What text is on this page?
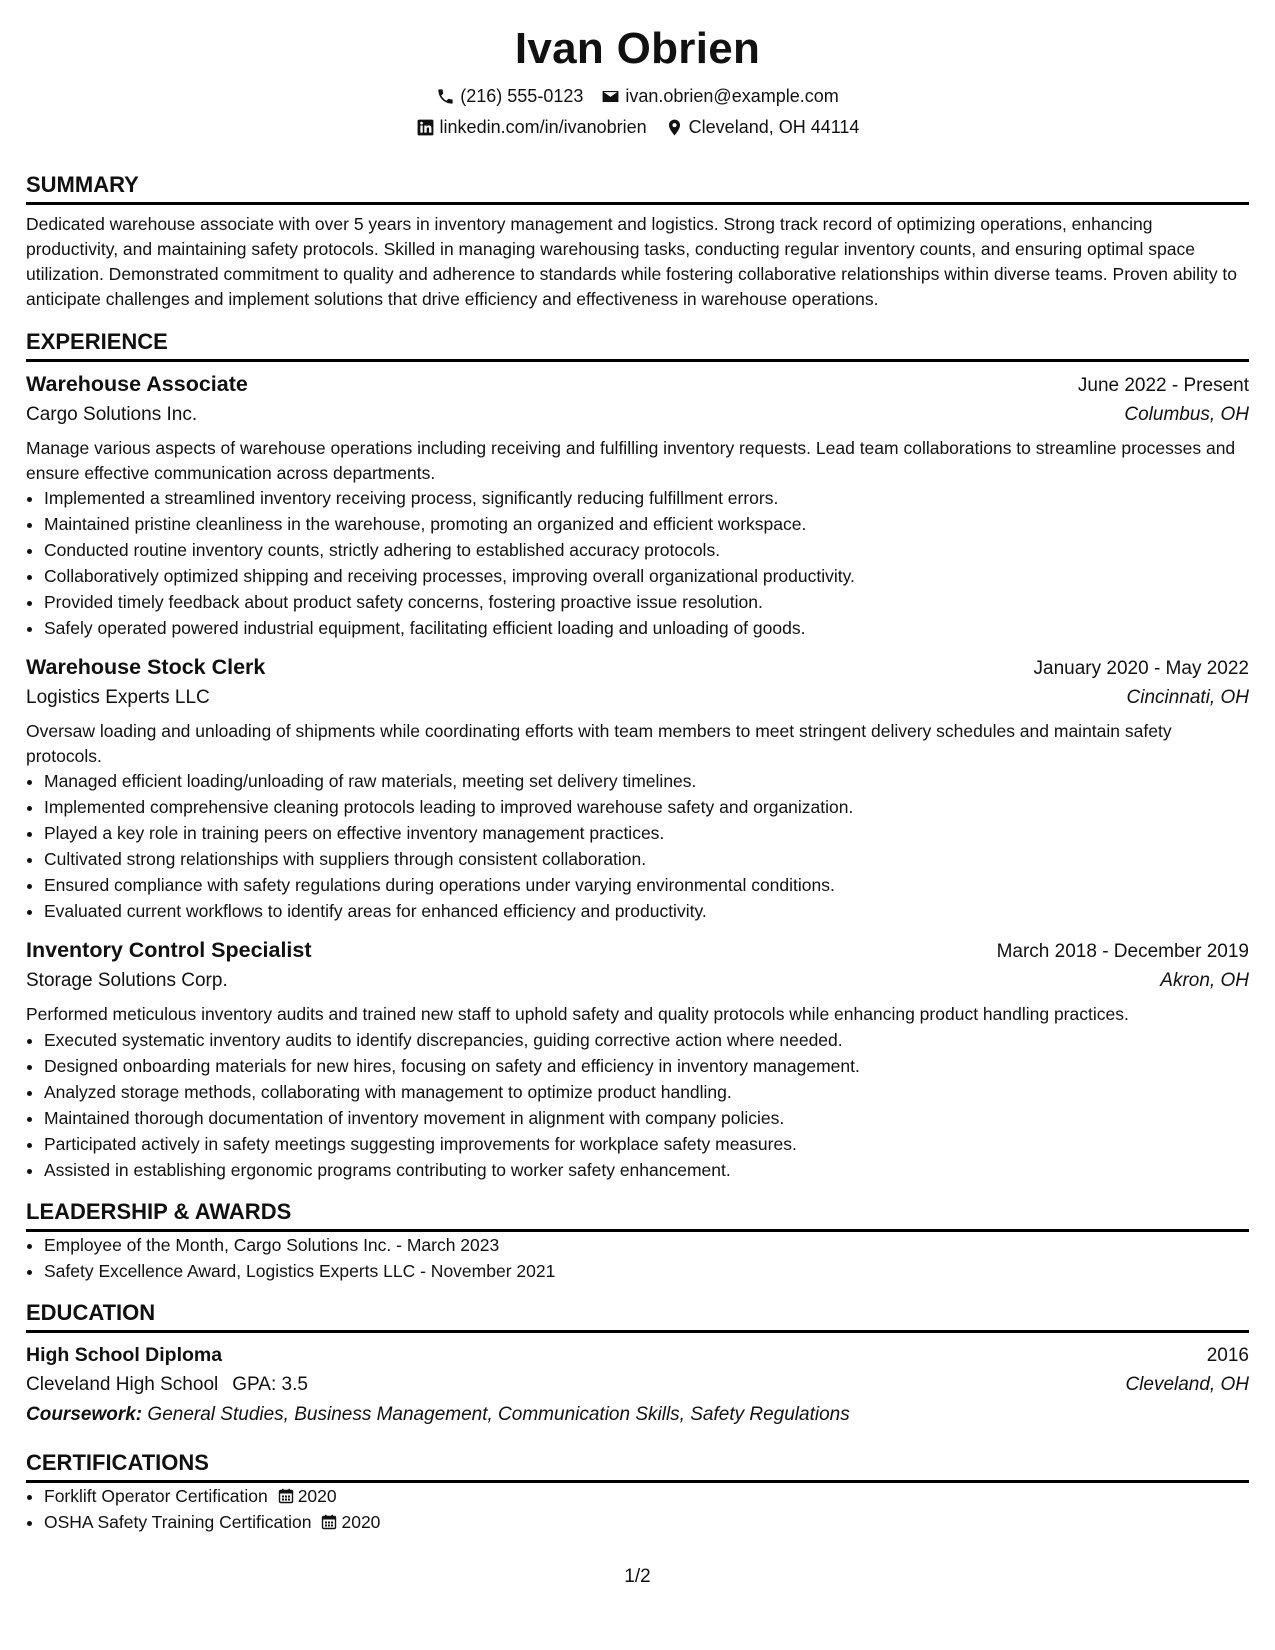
Ivan Obrien
(216) 555-0123 ivan.obrien@example.com
linkedin.com/in/ivanobrien Cleveland, OH 44114
SUMMARY
Dedicated warehouse associate with over 5 years in inventory management and logistics. Strong track record of optimizing operations, enhancing productivity, and maintaining safety protocols. Skilled in managing warehousing tasks, conducting regular inventory counts, and ensuring optimal space utilization. Demonstrated commitment to quality and adherence to standards while fostering collaborative relationships within diverse teams. Proven ability to anticipate challenges and implement solutions that drive efficiency and effectiveness in warehouse operations.
EXPERIENCE
Warehouse Associate	June 2022 - Present
Cargo Solutions Inc.	Columbus, OH
Manage various aspects of warehouse operations including receiving and fulfilling inventory requests. Lead team collaborations to streamline processes and ensure effective communication across departments.
• Implemented a streamlined inventory receiving process, significantly reducing fulfillment errors.
• Maintained pristine cleanliness in the warehouse, promoting an organized and efficient workspace.
• Conducted routine inventory counts, strictly adhering to established accuracy protocols.
• Collaboratively optimized shipping and receiving processes, improving overall organizational productivity.
• Provided timely feedback about product safety concerns, fostering proactive issue resolution.
• Safely operated powered industrial equipment, facilitating efficient loading and unloading of goods.
Warehouse Stock Clerk	January 2020 - May 2022
Logistics Experts LLC	Cincinnati, OH
Oversaw loading and unloading of shipments while coordinating efforts with team members to meet stringent delivery schedules and maintain safety protocols.
• Managed efficient loading/unloading of raw materials, meeting set delivery timelines.
• Implemented comprehensive cleaning protocols leading to improved warehouse safety and organization.
• Played a key role in training peers on effective inventory management practices.
• Cultivated strong relationships with suppliers through consistent collaboration.
• Ensured compliance with safety regulations during operations under varying environmental conditions.
• Evaluated current workflows to identify areas for enhanced efficiency and productivity.
Inventory Control Specialist	March 2018 - December 2019
Storage Solutions Corp.	Akron, OH
Performed meticulous inventory audits and trained new staff to uphold safety and quality protocols while enhancing product handling practices.
• Executed systematic inventory audits to identify discrepancies, guiding corrective action where needed.
• Designed onboarding materials for new hires, focusing on safety and efficiency in inventory management.
• Analyzed storage methods, collaborating with management to optimize product handling.
• Maintained thorough documentation of inventory movement in alignment with company policies.
• Participated actively in safety meetings suggesting improvements for workplace safety measures.
• Assisted in establishing ergonomic programs contributing to worker safety enhancement.
LEADERSHIP & AWARDS
• Employee of the Month, Cargo Solutions Inc. - March 2023
• Safety Excellence Award, Logistics Experts LLC - November 2021
EDUCATION
High School Diploma	2016
Cleveland High School GPA: 3.5	Cleveland, OH
Coursework: General Studies, Business Management, Communication Skills, Safety Regulations
CERTIFICATIONS
• Forklift Operator Certification 2020
• OSHA Safety Training Certification 2020
1/2
